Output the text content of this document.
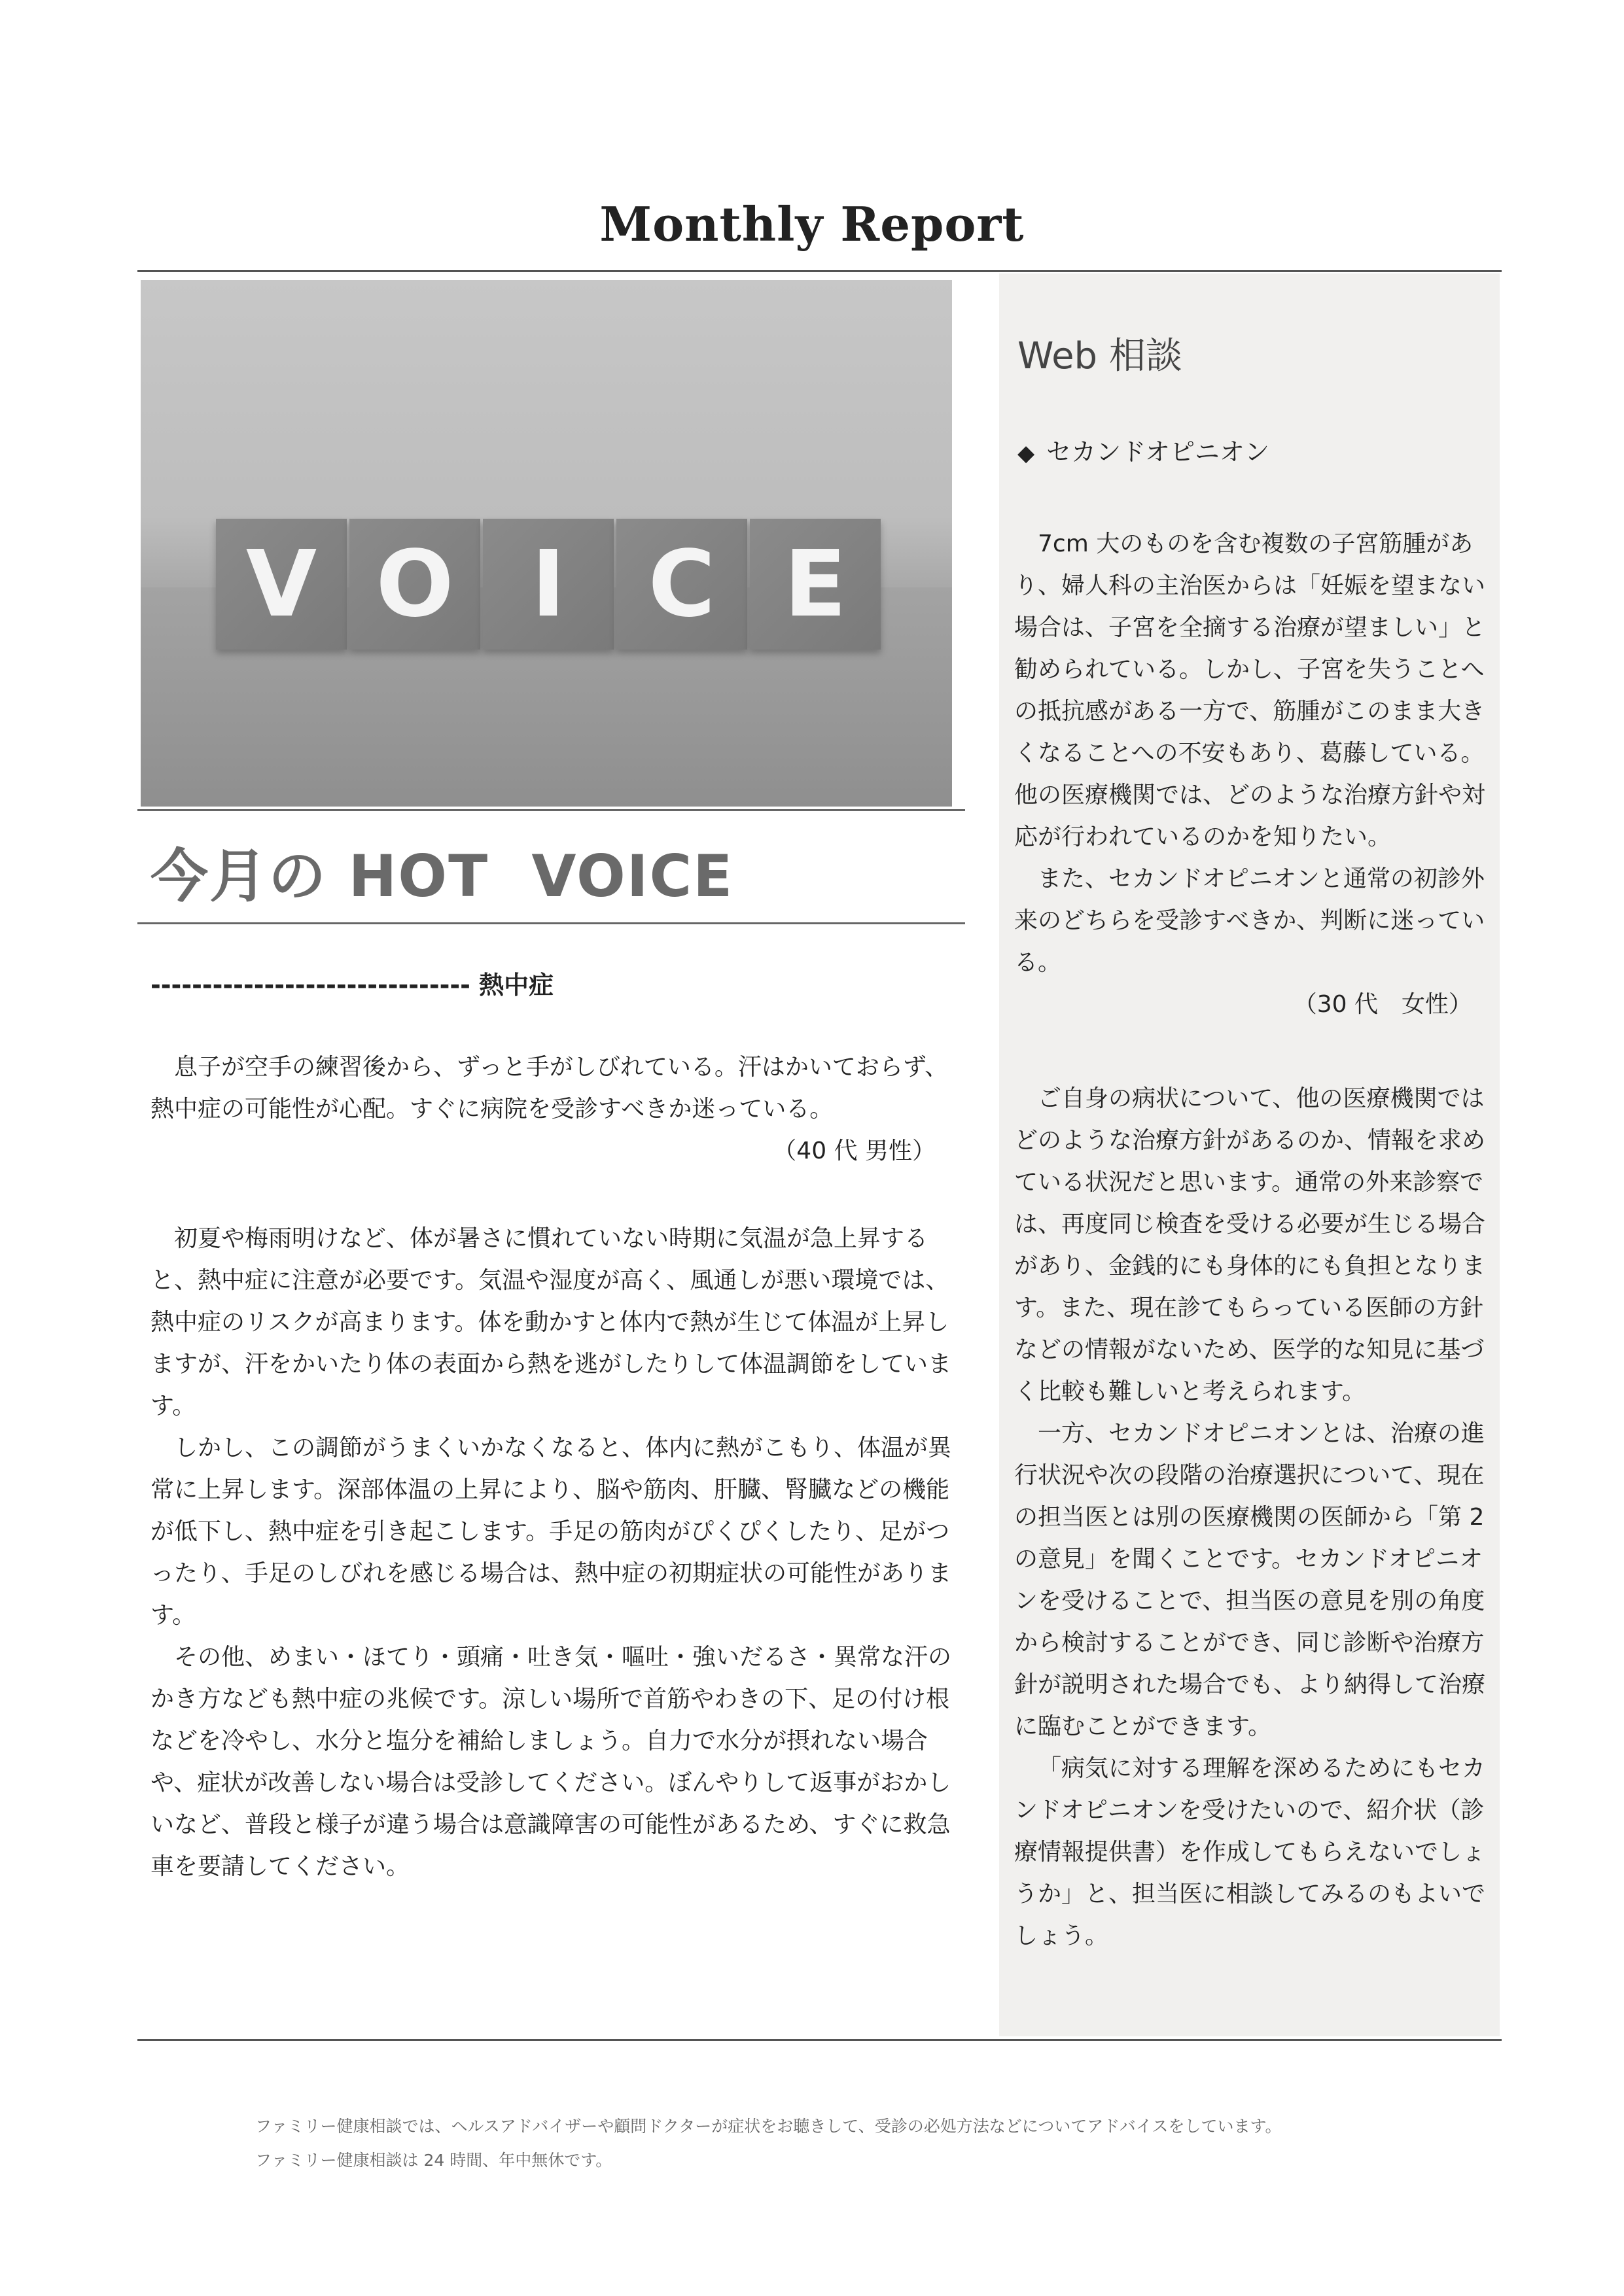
Monthly Report
V O I C E
今月の HOT  VOICE
------------------------------- 熱中症

息子が空手の練習後から、ずっと手がしびれている。汗はかいておらず、熱中症の可能性が心配。すぐに病院を受診すべきか迷っている。

（40 代 男性）

初夏や梅雨明けなど、体が暑さに慣れていない時期に気温が急上昇すると、熱中症に注意が必要です。気温や湿度が高く、風通しが悪い環境では、熱中症のリスクが高まります。体を動かすと体内で熱が生じて体温が上昇しますが、汗をかいたり体の表面から熱を逃がしたりして体温調節をしています。

しかし、この調節がうまくいかなくなると、体内に熱がこもり、体温が異常に上昇します。深部体温の上昇により、脳や筋肉、肝臓、腎臓などの機能が低下し、熱中症を引き起こします。手足の筋肉がぴくぴくしたり、足がつったり、手足のしびれを感じる場合は、熱中症の初期症状の可能性があります。

その他、めまい・ほてり・頭痛・吐き気・嘔吐・強いだるさ・異常な汗のかき方なども熱中症の兆候です。涼しい場所で首筋やわきの下、足の付け根などを冷やし、水分と塩分を補給しましょう。自力で水分が摂れない場合や、症状が改善しない場合は受診してください。ぼんやりして返事がおかしいなど、普段と様子が違う場合は意識障害の可能性があるため、すぐに救急車を要請してください。

Web 相談
◆ セカンドオピニオン

7cm 大のものを含む複数の子宮筋腫があり、婦人科の主治医からは「妊娠を望まない場合は、子宮を全摘する治療が望ましい」と勧められている。しかし、子宮を失うことへの抵抗感がある一方で、筋腫がこのまま大きくなることへの不安もあり、葛藤している。他の医療機関では、どのような治療方針や対応が行われているのかを知りたい。

また、セカンドオピニオンと通常の初診外来のどちらを受診すべきか、判断に迷っている。

（30 代　女性）

ご自身の病状について、他の医療機関ではどのような治療方針があるのか、情報を求めている状況だと思います。通常の外来診察では、再度同じ検査を受ける必要が生じる場合があり、金銭的にも身体的にも負担となります。また、現在診てもらっている医師の方針などの情報がないため、医学的な知見に基づく比較も難しいと考えられます。

一方、セカンドオピニオンとは、治療の進行状況や次の段階の治療選択について、現在の担当医とは別の医療機関の医師から「第 2 の意見」を聞くことです。セカンドオピニオンを受けることで、担当医の意見を別の角度から検討することができ、同じ診断や治療方針が説明された場合でも、より納得して治療に臨むことができます。

「病気に対する理解を深めるためにもセカンドオピニオンを受けたいので、紹介状（診療情報提供書）を作成してもらえないでしょうか」と、担当医に相談してみるのもよいでしょう。

ファミリー健康相談では、ヘルスアドバイザーや顧問ドクターが症状をお聴きして、受診の必処方法などについてアドバイスをしています。
ファミリー健康相談は 24 時間、年中無休です。
